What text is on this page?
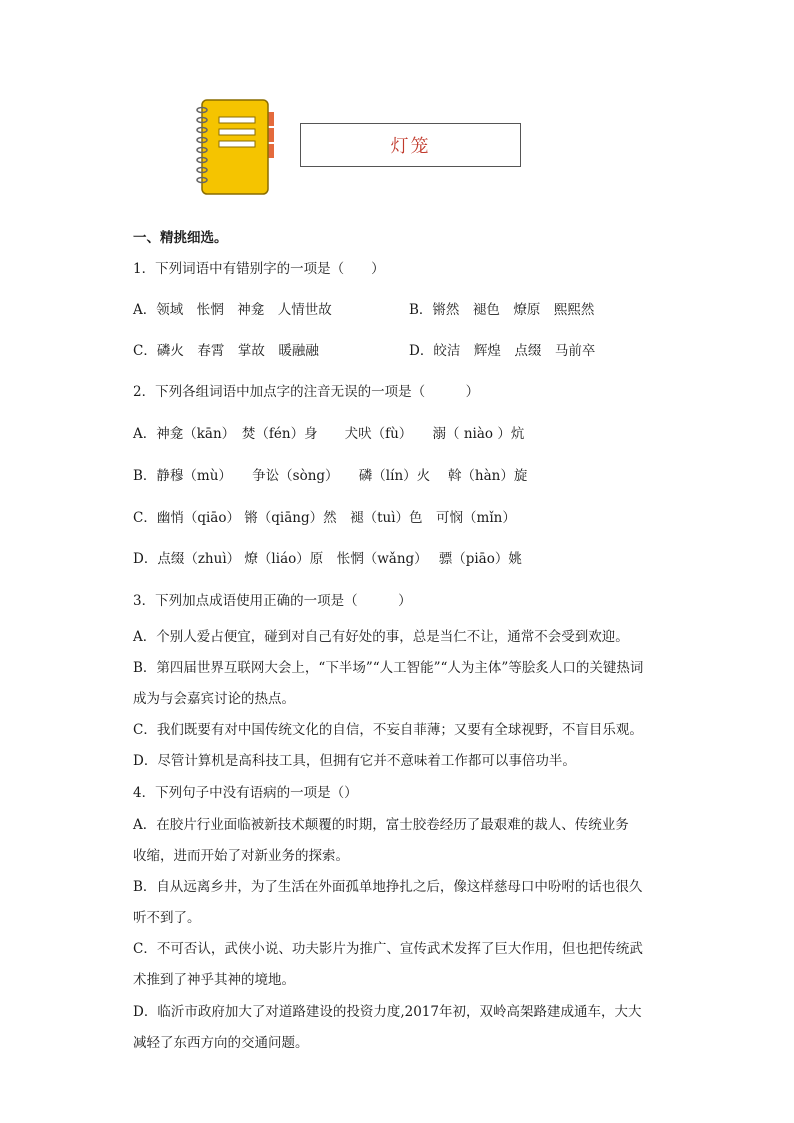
灯笼
一、精挑细选。
1．下列词语中有错别字的一项是（　　）
A．领域　怅惘　神龛　人情世故	B．锵然　褪色　燎原　熙熙然
C．磷火　春霄　掌故　暖融融	D．皎洁　辉煌　点缀　马前卒
2．下列各组词语中加点字的注音无误的一项是（　　　）
A．神龛（kān）　焚（fén）身　　犬吠（fù）　　溺（ niào ）炕
B．静穆（mù）　　争讼（sòng）　　磷（lín）火　 斡（hàn）旋
C．幽悄（qiāo） 锵（qiāng）然　褪（tuì）色　可悯（mǐn）
D．点缀（zhuì） 燎（liáo）原　怅惘（wǎng）　 骠（piāo）姚
3．下列加点成语使用正确的一项是（　　　）
A．个别人爱占便宜，碰到对自己有好处的事，总是当仁不让，通常不会受到欢迎。
B．第四届世界互联网大会上，“下半场”“人工智能”“人为主体”等脍炙人口的关键热词
成为与会嘉宾讨论的热点。
C．我们既要有对中国传统文化的自信，不妄自菲薄；又要有全球视野，不盲目乐观。
D．尽管计算机是高科技工具，但拥有它并不意味着工作都可以事倍功半。
4．下列句子中没有语病的一项是（）
A．在胶片行业面临被新技术颠覆的时期，富士胶卷经历了最艰难的裁人、传统业务
收缩，进而开始了对新业务的探索。
B．自从远离乡井，为了生活在外面孤单地挣扎之后，像这样慈母口中吩咐的话也很久
听不到了。
C．不可否认，武侠小说、功夫影片为推广、宣传武术发挥了巨大作用，但也把传统武
术推到了神乎其神的境地。
D．临沂市政府加大了对道路建设的投资力度,2017年初，双岭高架路建成通车，大大
减轻了东西方向的交通问题。
